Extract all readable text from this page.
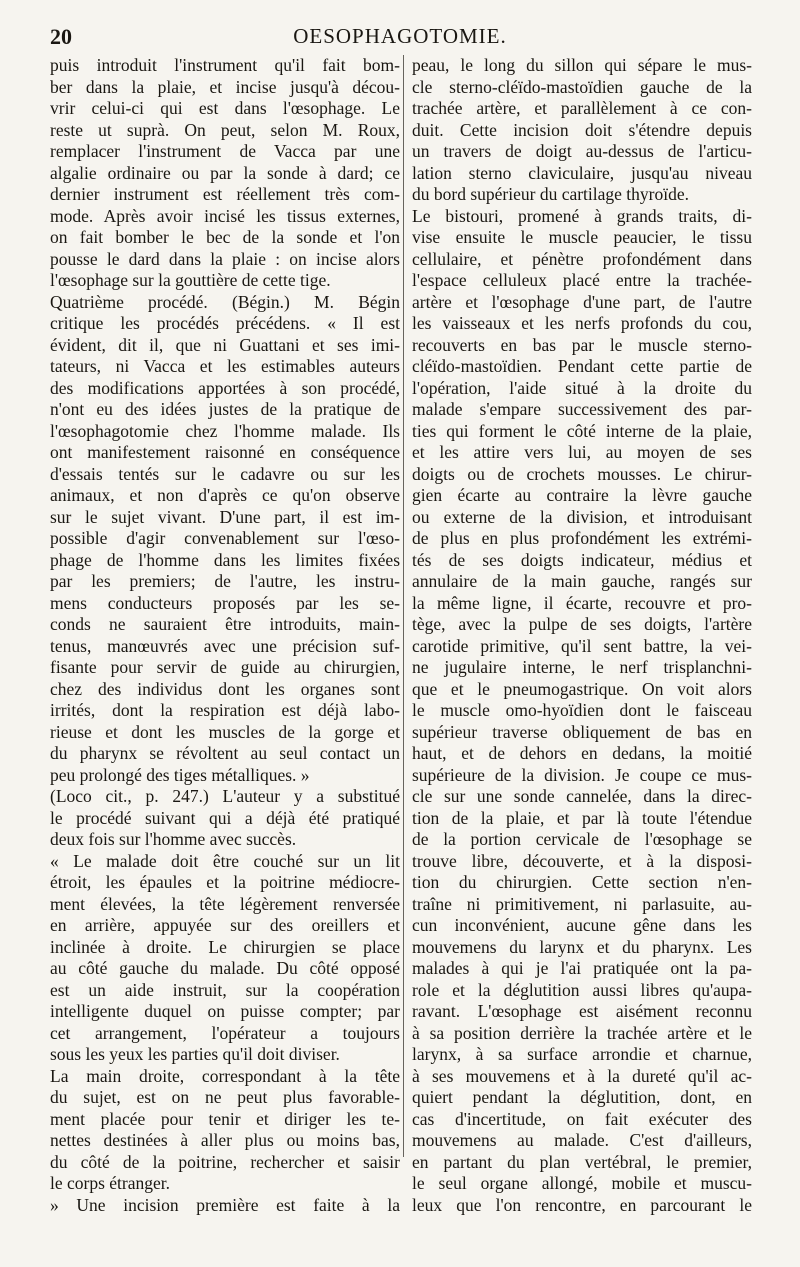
20	OESOPHAGOTOMIE.
puis introduit l'instrument qu'il fait bom-
ber dans la plaie, et incise jusqu'à décou-
vrir celui-ci qui est dans l'œsophage. Le
reste ut suprà. On peut, selon M. Roux,
remplacer l'instrument de Vacca par une
algalie ordinaire ou par la sonde à dard; ce
dernier instrument est réellement très com-
mode. Après avoir incisé les tissus externes,
on fait bomber le bec de la sonde et l'on
pousse le dard dans la plaie : on incise alors
l'œsophage sur la gouttière de cette tige.
Quatrième procédé. (Bégin.) M. Bégin
critique les procédés précédens. « Il est
évident, dit il, que ni Guattani et ses imi-
tateurs, ni Vacca et les estimables auteurs
des modifications apportées à son procédé,
n'ont eu des idées justes de la pratique de
l'œsophagotomie chez l'homme malade. Ils
ont manifestement raisonné en conséquence
d'essais tentés sur le cadavre ou sur les
animaux, et non d'après ce qu'on observe
sur le sujet vivant. D'une part, il est im-
possible d'agir convenablement sur l'œso-
phage de l'homme dans les limites fixées
par les premiers; de l'autre, les instru-
mens conducteurs proposés par les se-
conds ne sauraient être introduits, main-
tenus, manœuvrés avec une précision suf-
fisante pour servir de guide au chirurgien,
chez des individus dont les organes sont
irrités, dont la respiration est déjà labo-
rieuse et dont les muscles de la gorge et
du pharynx se révoltent au seul contact un
peu prolongé des tiges métalliques. »
(Loco cit., p. 247.) L'auteur y a substitué
le procédé suivant qui a déjà été pratiqué
deux fois sur l'homme avec succès.
« Le malade doit être couché sur un lit
étroit, les épaules et la poitrine médiocre-
ment élevées, la tête légèrement renversée
en arrière, appuyée sur des oreillers et
inclinée à droite. Le chirurgien se place
au côté gauche du malade. Du côté opposé
est un aide instruit, sur la coopération
intelligente duquel on puisse compter; par
cet arrangement, l'opérateur a toujours
sous les yeux les parties qu'il doit diviser.
La main droite, correspondant à la tête
du sujet, est on ne peut plus favorable-
ment placée pour tenir et diriger les te-
nettes destinées à aller plus ou moins bas,
du côté de la poitrine, rechercher et saisir
le corps étranger.
» Une incision première est faite à la
peau, le long du sillon qui sépare le mus-
cle sterno-cléïdo-mastoïdien gauche de la
trachée artère, et parallèlement à ce con-
duit. Cette incision doit s'étendre depuis
un travers de doigt au-dessus de l'articu-
lation sterno claviculaire, jusqu'au niveau
du bord supérieur du cartilage thyroïde.
Le bistouri, promené à grands traits, di-
vise ensuite le muscle peaucier, le tissu
cellulaire, et pénètre profondément dans
l'espace celluleux placé entre la trachée-
artère et l'œsophage d'une part, de l'autre
les vaisseaux et les nerfs profonds du cou,
recouverts en bas par le muscle sterno-
cléïdo-mastoïdien. Pendant cette partie de
l'opération, l'aide situé à la droite du
malade s'empare successivement des par-
ties qui forment le côté interne de la plaie,
et les attire vers lui, au moyen de ses
doigts ou de crochets mousses. Le chirur-
gien écarte au contraire la lèvre gauche
ou externe de la division, et introduisant
de plus en plus profondément les extrémi-
tés de ses doigts indicateur, médius et
annulaire de la main gauche, rangés sur
la même ligne, il écarte, recouvre et pro-
tège, avec la pulpe de ses doigts, l'artère
carotide primitive, qu'il sent battre, la vei-
ne jugulaire interne, le nerf trisplanchni-
que et le pneumogastrique. On voit alors
le muscle omo-hyoïdien dont le faisceau
supérieur traverse obliquement de bas en
haut, et de dehors en dedans, la moitié
supérieure de la division. Je coupe ce mus-
cle sur une sonde cannelée, dans la direc-
tion de la plaie, et par là toute l'étendue
de la portion cervicale de l'œsophage se
trouve libre, découverte, et à la disposi-
tion du chirurgien. Cette section n'en-
traîne ni primitivement, ni parlasuite, au-
cun inconvénient, aucune gêne dans les
mouvemens du larynx et du pharynx. Les
malades à qui je l'ai pratiquée ont la pa-
role et la déglutition aussi libres qu'aupa-
ravant. L'œsophage est aisément reconnu
à sa position derrière la trachée artère et le
larynx, à sa surface arrondie et charnue,
à ses mouvemens et à la dureté qu'il ac-
quiert pendant la déglutition, dont, en
cas d'incertitude, on fait exécuter des
mouvemens au malade. C'est d'ailleurs,
en partant du plan vertébral, le premier,
le seul organe allongé, mobile et muscu-
leux que l'on rencontre, en parcourant le
